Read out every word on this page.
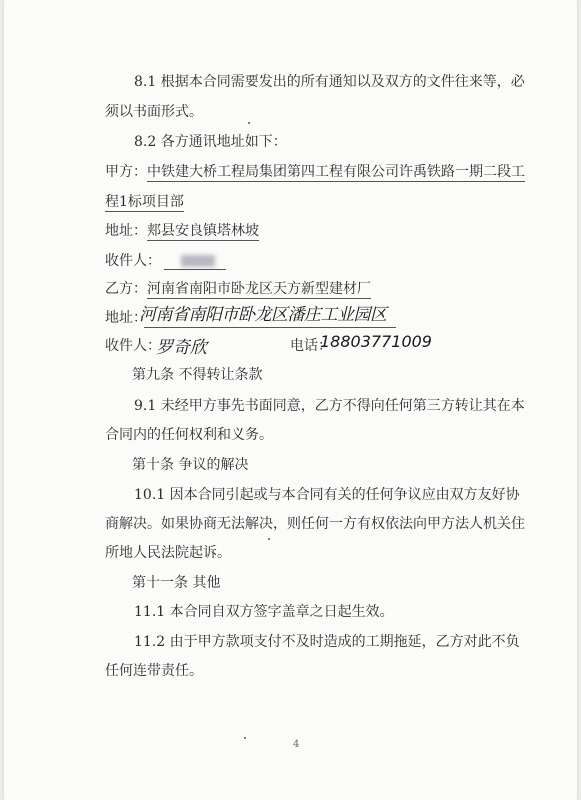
8.1 根据本合同需要发出的所有通知以及双方的文件往来等，必
须以书面形式。
8.2 各方通讯地址如下：
甲方：中铁建大桥工程局集团第四工程有限公司许禹铁路一期二段工
程1标项目部
地址：郏县安良镇塔林坡
收件人：
乙方：河南省南阳市卧龙区天方新型建材厂
地址：
河南省南阳市卧龙区潘庄工业园区
收件人：
罗奇欣	电话：
18803771009
第九条 不得转让条款
9.1 未经甲方事先书面同意，乙方不得向任何第三方转让其在本
合同内的任何权利和义务。
第十条 争议的解决
10.1 因本合同引起或与本合同有关的任何争议应由双方友好协
商解决。如果协商无法解决，则任何一方有权依法向甲方法人机关住
所地人民法院起诉。
第十一条 其他
11.1 本合同自双方签字盖章之日起生效。
11.2 由于甲方款项支付不及时造成的工期拖延，乙方对此不负
任何连带责任。
4
